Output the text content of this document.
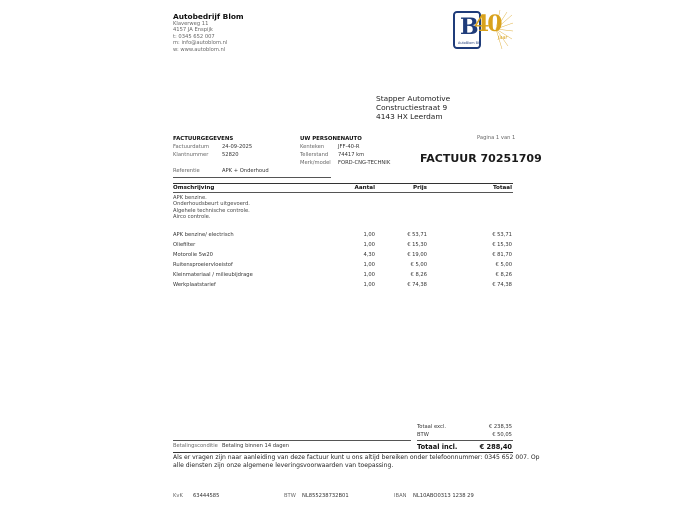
Autobedrijf Blom
Klaverweg 11
4157 JA Enspijk
t: 0345 652 007
m: info@autoblom.nl
w: www.autoblom.nl
B
40
AutoBlom BV
jaar
Stapper Automotive
Constructiestraat 9
4143 HX Leerdam
FACTUURGEGEVENS
Factuurdatum 24-09-2025
Klantnummer	52820
Referentie	APK + Onderhoud
UW PERSONENAUTO
Kenteken	JFF-40-R
Tellerstand 74417 km
Merk/model FORD-CNG-TECHNIK
Pagina 1 van 1
FACTUUR 70251709
Omschrijving	Aantal	Prijs	Totaal
APK benzine.
Onderhoudsbeurt uitgevoerd.
Algehele technische controle.
Airco controle.
APK benzine/ electrisch	1,00	€ 53,71	€ 53,71
Oliefilter	1,00	€ 15,30	€ 15,30
Motorolie 5w20	4,30	€ 19,00	€ 81,70
Ruitensproeiervloeistof	1,00	€ 5,00	€ 5,00
Kleinmateriaal / milieubijdrage	1,00	€ 8,26	€ 8,26
Werkplaatstarief	1,00	€ 74,38	€ 74,38
Totaal excl.	€ 238,35
BTW	€ 50,05
Totaal incl.	€ 288,40
Betalingsconditie Betaling binnen 14 dagen
Als er vragen zijn naar aanleiding van deze factuur kunt u ons altijd bereiken onder telefoonnummer: 0345 652 007. Op
alle diensten zijn onze algemene leveringsvoorwaarden van toepassing.
KvK 63444585	BTW NL855238732B01	IBAN NL10ABO0313 1238 29
